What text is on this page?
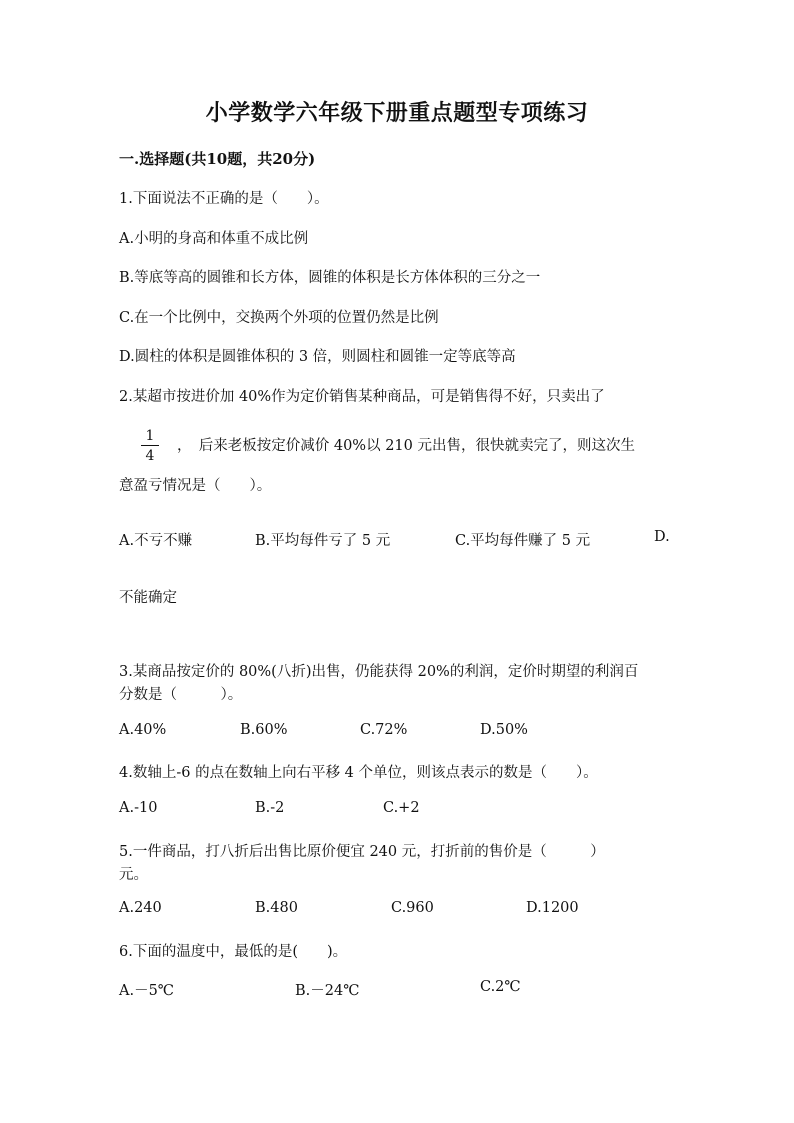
小学数学六年级下册重点题型专项练习
一.选择题(共10题，共20分)
1.下面说法不正确的是（　　）。
A.小明的身高和体重不成比例
B.等底等高的圆锥和长方体，圆锥的体积是长方体体积的三分之一
C.在一个比例中，交换两个外项的位置仍然是比例
D.圆柱的体积是圆锥体积的 3 倍，则圆柱和圆锥一定等底等高
2.某超市按进价加 40%作为定价销售某种商品，可是销售得不好，只卖出了
1
4
，　后来老板按定价减价 40%以 210 元出售，很快就卖完了，则这次生
意盈亏情况是（　　）。
A.不亏不赚	B.平均每件亏了 5 元	C.平均每件赚了 5 元	D.
不能确定
3.某商品按定价的 80%(八折)出售，仍能获得 20%的利润，定价时期望的利润百
分数是（　　　）。
A.40%	B.60%	C.72%	D.50%
4.数轴上-6 的点在数轴上向右平移 4 个单位，则该点表示的数是（　　）。
A.-10	B.-2	C.+2
5.一件商品，打八折后出售比原价便宜 240 元，打折前的售价是（　　　）
元。
A.240	B.480	C.960	D.1200
6.下面的温度中，最低的是(　　)。
A.－5℃	B.－24℃	C.2℃
